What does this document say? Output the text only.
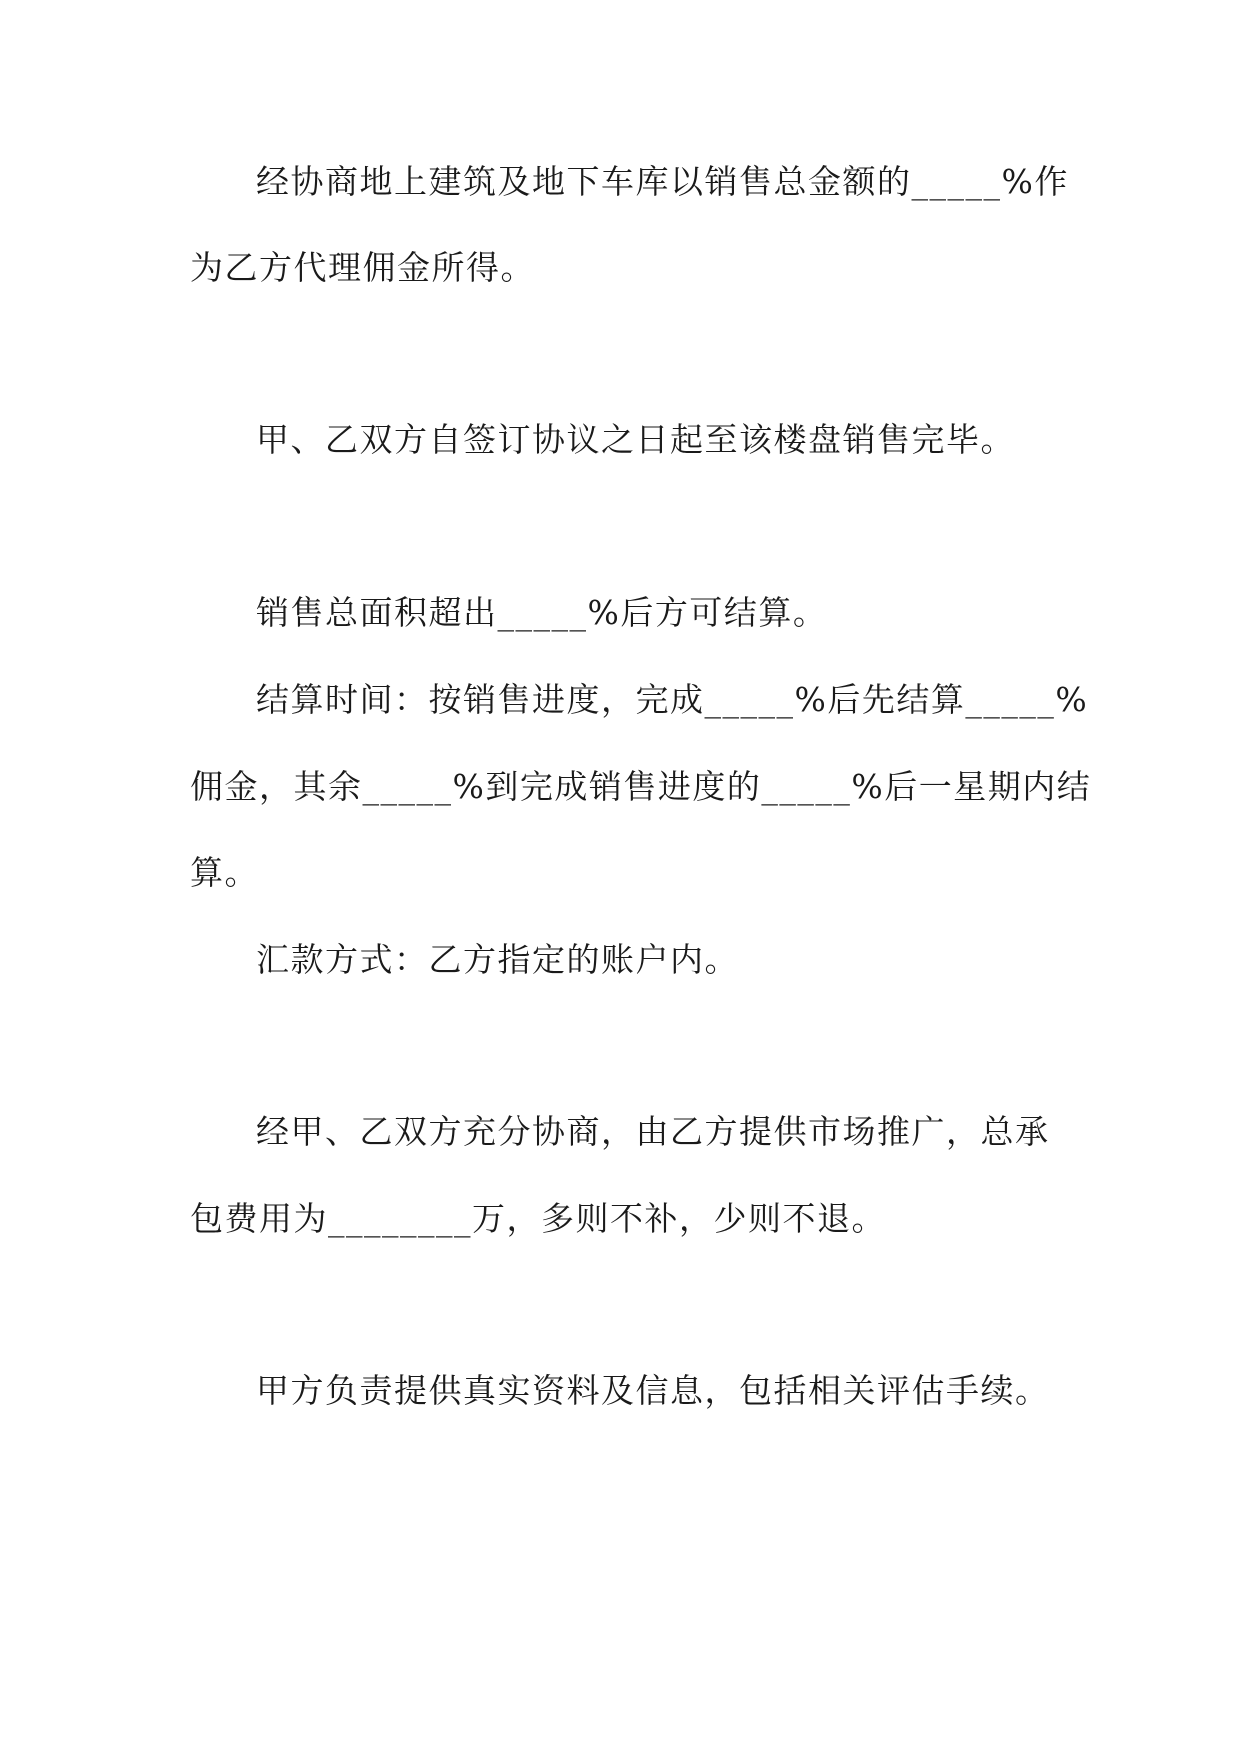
经协商地上建筑及地下车库以销售总金额的_____%作
为乙方代理佣金所得。
甲、乙双方自签订协议之日起至该楼盘销售完毕。
销售总面积超出_____%后方可结算。
结算时间：按销售进度，完成_____%后先结算_____%
佣金，其余_____%到完成销售进度的_____%后一星期内结
算。
汇款方式：乙方指定的账户内。
经甲、乙双方充分协商，由乙方提供市场推广，总承
包费用为________万，多则不补，少则不退。
甲方负责提供真实资料及信息，包括相关评估手续。
